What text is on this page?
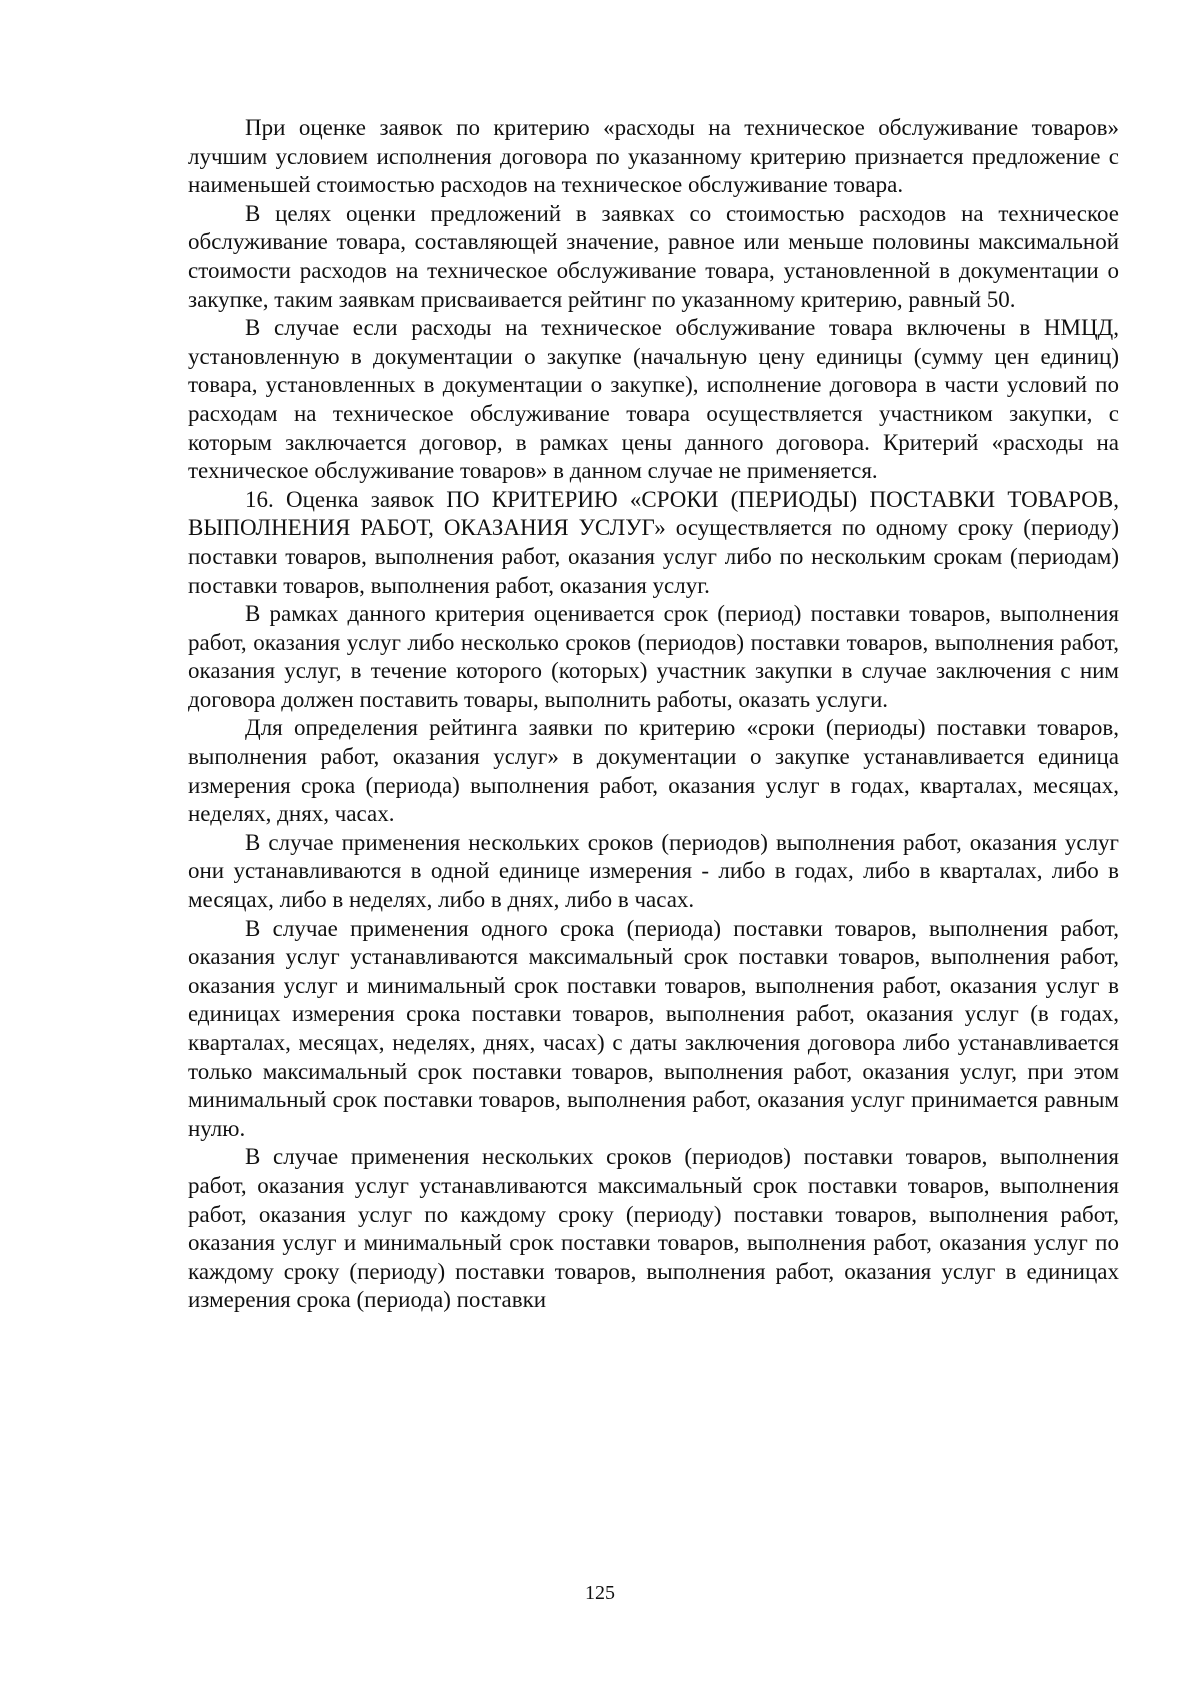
При оценке заявок по критерию «расходы на техническое обслуживание товаров» лучшим условием исполнения договора по указанному критерию признается предложение с наименьшей стоимостью расходов на техническое обслуживание товара.

В целях оценки предложений в заявках со стоимостью расходов на техническое обслуживание товара, составляющей значение, равное или меньше половины максимальной стоимости расходов на техническое обслуживание товара, установленной в документации о закупке, таким заявкам присваивается рейтинг по указанному критерию, равный 50.

В случае если расходы на техническое обслуживание товара включены в НМЦД, установленную в документации о закупке (начальную цену единицы (сумму цен единиц) товара, установленных в документации о закупке), исполнение договора в части условий по расходам на техническое обслуживание товара осуществляется участником закупки, с которым заключается договор, в рамках цены данного договора. Критерий «расходы на техническое обслуживание товаров» в данном случае не применяется.

16. Оценка заявок ПО КРИТЕРИЮ «СРОКИ (ПЕРИОДЫ) ПОСТАВКИ ТОВАРОВ, ВЫПОЛНЕНИЯ РАБОТ, ОКАЗАНИЯ УСЛУГ» осуществляется по одному сроку (периоду) поставки товаров, выполнения работ, оказания услуг либо по нескольким срокам (периодам) поставки товаров, выполнения работ, оказания услуг.

В рамках данного критерия оценивается срок (период) поставки товаров, выполнения работ, оказания услуг либо несколько сроков (периодов) поставки товаров, выполнения работ, оказания услуг, в течение которого (которых) участник закупки в случае заключения с ним договора должен поставить товары, выполнить работы, оказать услуги.

Для определения рейтинга заявки по критерию «сроки (периоды) поставки товаров, выполнения работ, оказания услуг» в документации о закупке устанавливается единица измерения срока (периода) выполнения работ, оказания услуг в годах, кварталах, месяцах, неделях, днях, часах.

В случае применения нескольких сроков (периодов) выполнения работ, оказания услуг они устанавливаются в одной единице измерения - либо в годах, либо в кварталах, либо в месяцах, либо в неделях, либо в днях, либо в часах.

В случае применения одного срока (периода) поставки товаров, выполнения работ, оказания услуг устанавливаются максимальный срок поставки товаров, выполнения работ, оказания услуг и минимальный срок поставки товаров, выполнения работ, оказания услуг в единицах измерения срока поставки товаров, выполнения работ, оказания услуг (в годах, кварталах, месяцах, неделях, днях, часах) с даты заключения договора либо устанавливается только максимальный срок поставки товаров, выполнения работ, оказания услуг, при этом минимальный срок поставки товаров, выполнения работ, оказания услуг принимается равным нулю.

В случае применения нескольких сроков (периодов) поставки товаров, выполнения работ, оказания услуг устанавливаются максимальный срок поставки товаров, выполнения работ, оказания услуг по каждому сроку (периоду) поставки товаров, выполнения работ, оказания услуг и минимальный срок поставки товаров, выполнения работ, оказания услуг по каждому сроку (периоду) поставки товаров, выполнения работ, оказания услуг в единицах измерения срока (периода) поставки

125
